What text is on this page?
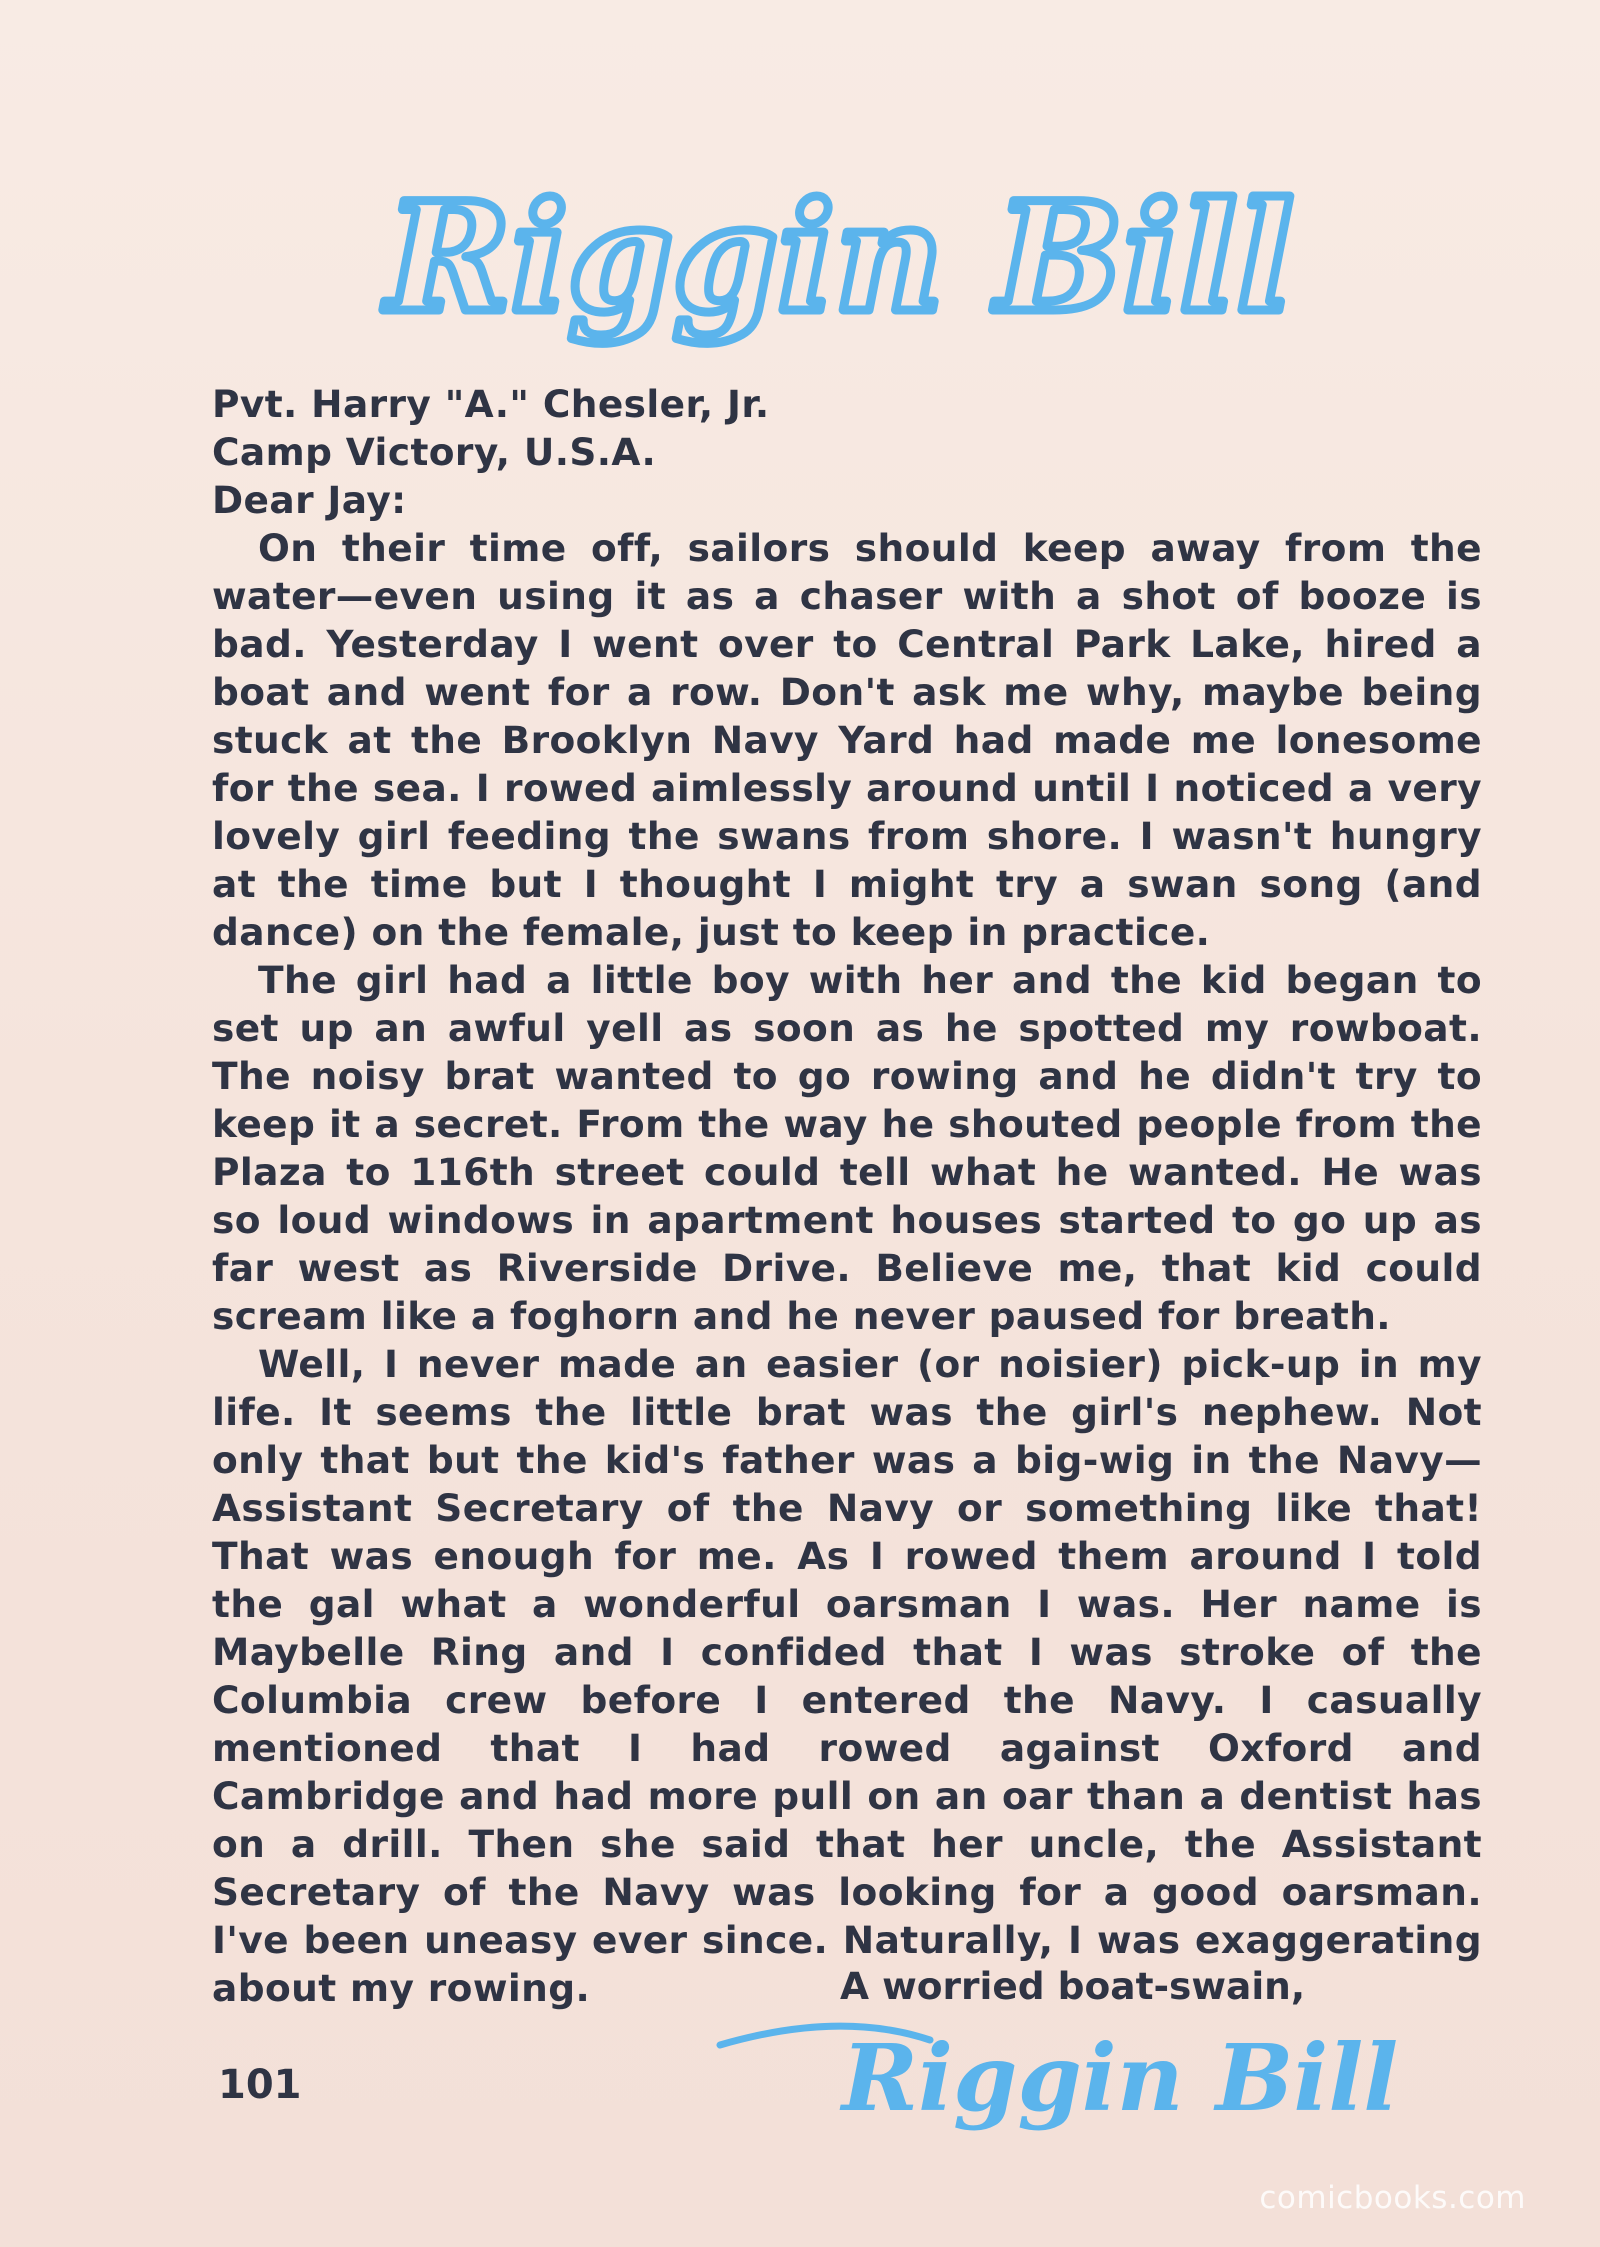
Riggin Bill

Pvt. Harry "A." Chesler, Jr.

Camp Victory, U.S.A.

Dear Jay:

On their time off, sailors should keep away from the water—even using it as a chaser with a shot of booze is bad. Yesterday I went over to Central Park Lake, hired a boat and went for a row. Don't ask me why, maybe being stuck at the Brooklyn Navy Yard had made me lonesome for the sea. I rowed aimlessly around until I noticed a very lovely girl feeding the swans from shore. I wasn't hungry at the time but I thought I might try a swan song (and dance) on the female, just to keep in practice.

The girl had a little boy with her and the kid began to set up an awful yell as soon as he spotted my rowboat. The noisy brat wanted to go rowing and he didn't try to keep it a secret. From the way he shouted people from the Plaza to 116th street could tell what he wanted. He was so loud windows in apartment houses started to go up as far west as Riverside Drive. Believe me, that kid could scream like a foghorn and he never paused for breath.

Well, I never made an easier (or noisier) pick-up in my life. It seems the little brat was the girl's nephew. Not only that but the kid's father was a big-wig in the Navy—Assistant Secretary of the Navy or something like that! That was enough for me. As I rowed them around I told the gal what a wonderful oarsman I was. Her name is Maybelle Ring and I confided that I was stroke of the Columbia crew before I entered the Navy. I casually mentioned that I had rowed against Oxford and Cambridge and had more pull on an oar than a dentist has on a drill. Then she said that her uncle, the Assistant Secretary of the Navy was looking for a good oarsman. I've been uneasy ever since. Naturally, I was exaggerating about my rowing.	A worried boat-swain,
Riggin Bill
101
comicbooks.com
